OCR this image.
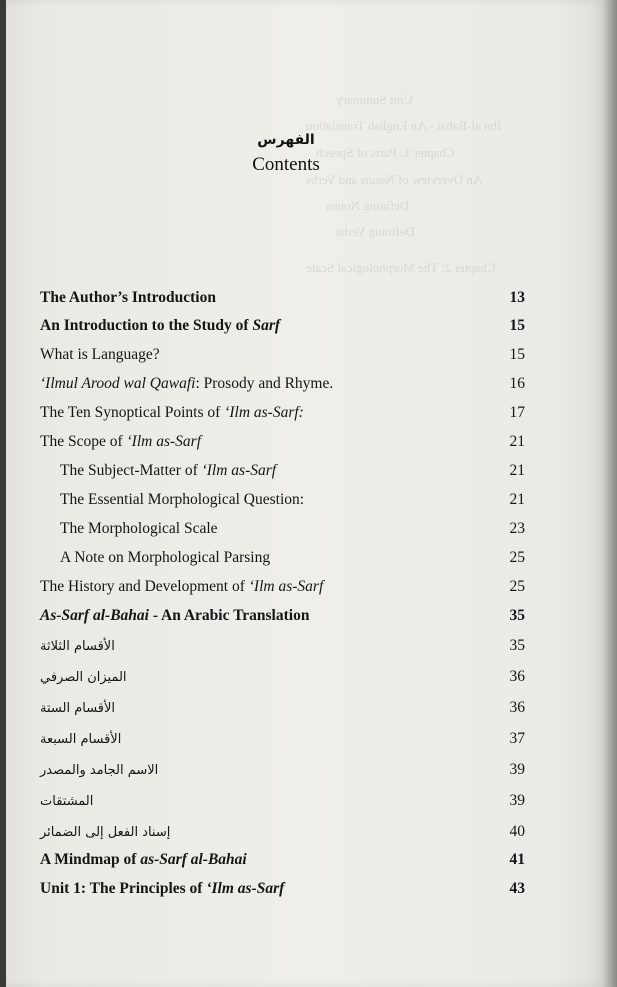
Unit Summary
Ibn al-Bahai - An English Translation
Chapter 1: Parts of Speech
An Overview of Nouns and Verbs
Defining Nouns
Defining Verbs
Chapter 2: The Morphological Scale
الفهرس
Contents
The Author’s Introduction	13
An Introduction to the Study of Sarf	15
What is Language?	15
‘Ilmul Arood wal Qawafi: Prosody and Rhyme.	16
The Ten Synoptical Points of ‘Ilm as-Sarf:	17
The Scope of ‘Ilm as-Sarf	21
The Subject-Matter of ‘Ilm as-Sarf	21
The Essential Morphological Question:	21
The Morphological Scale	23
A Note on Morphological Parsing	25
The History and Development of ‘Ilm as-Sarf	25
As-Sarf al-Bahai - An Arabic Translation	35
الأقسام الثلاثة	35
الميزان الصرفي	36
الأقسام الستة	36
الأقسام السبعة	37
الاسم الجامد والمصدر	39
المشتقات	39
إسناد الفعل إلى الضمائر	40
A Mindmap of as-Sarf al-Bahai	41
Unit 1: The Principles of ‘Ilm as-Sarf	43
